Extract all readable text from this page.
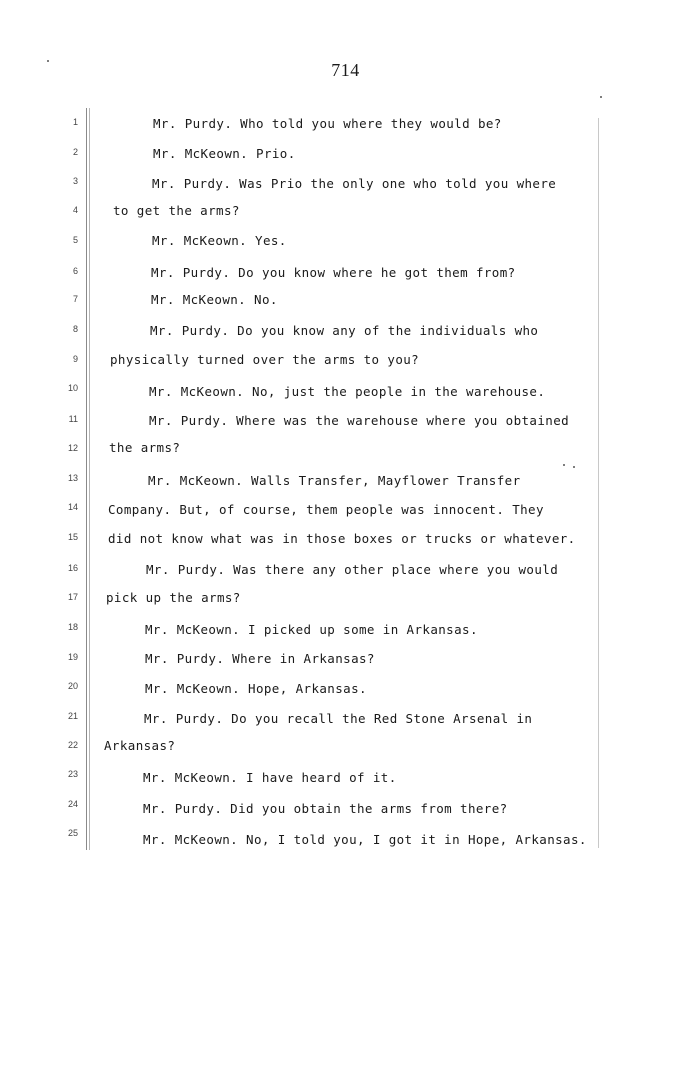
714
1	Mr. Purdy. Who told you where they would be?
2	Mr. McKeown. Prio.
3	Mr. Purdy. Was Prio the only one who told you where
4	to get the arms?
5	Mr. McKeown. Yes.
6	Mr. Purdy. Do you know where he got them from?
7	Mr. McKeown. No.
8	Mr. Purdy. Do you know any of the individuals who
9	physically turned over the arms to you?
10	Mr. McKeown. No, just the people in the warehouse.
11	Mr. Purdy. Where was the warehouse where you obtained
12 the arms?
13	Mr. McKeown. Walls Transfer, Mayflower Transfer
14 Company. But, of course, them people was innocent. They
15 did not know what was in those boxes or trucks or whatever.
16	Mr. Purdy. Was there any other place where you would
17 pick up the arms?
18	Mr. McKeown. I picked up some in Arkansas.
19	Mr. Purdy. Where in Arkansas?
20	Mr. McKeown. Hope, Arkansas.
21	Mr. Purdy. Do you recall the Red Stone Arsenal in
22 Arkansas?
23	Mr. McKeown. I have heard of it.
24	Mr. Purdy. Did you obtain the arms from there?
25	Mr. McKeown. No, I told you, I got it in Hope, Arkansas.
